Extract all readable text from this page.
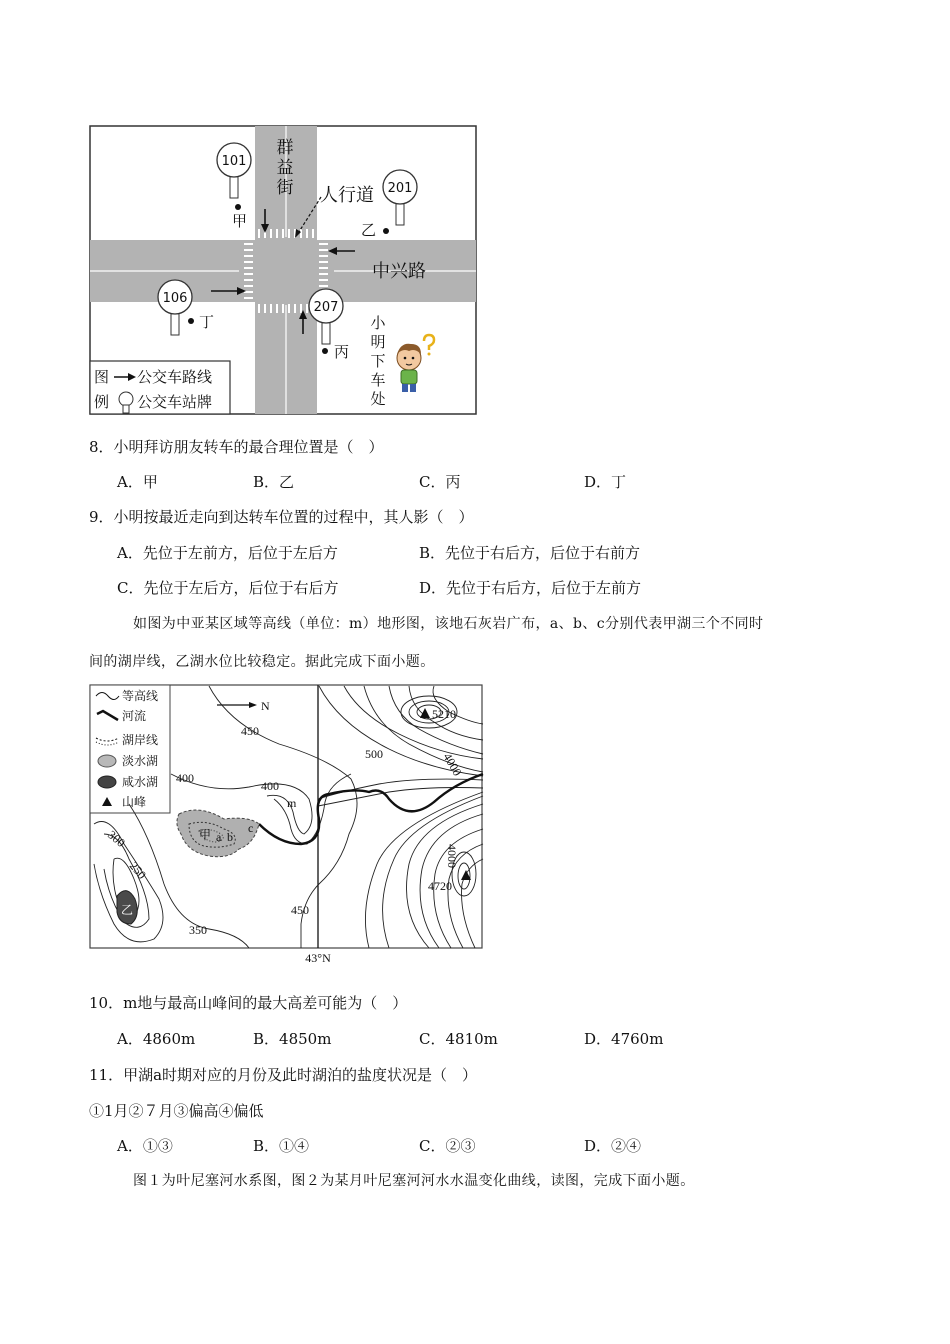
群
益
街
中兴路
人行道
101
甲
201
乙
207
丙
106
丁	小
明
下
车
处
图
例
公交车路线
公交车站牌
8．小明拜访朋友转车的最合理位置是（　）
A．甲	B．乙	C．丙	D．丁
9．小明按最近走向到达转车位置的过程中，其人影（　）
A．先位于左前方，后位于左后方	B．先位于右后方，后位于右前方
C．先位于左后方，后位于右后方	D．先位于右后方，后位于左前方
如图为中亚某区域等高线（单位：m）地形图，该地石灰岩广布，a、b、c分别代表甲湖三个不同时
间的湖岸线，乙湖水位比较稳定。据此完成下面小题。
等高线
河流
湖岸线
淡水湖
咸水湖
山峰
N
43°N
甲 a b
c
乙
5210
4720
450
500	4000
400
400
300
250
450
350
4000
m
10．m地与最高山峰间的最大高差可能为（　）
A．4860m	B．4850m	C．4810m	D．4760m
11．甲湖a时期对应的月份及此时湖泊的盐度状况是（　）
①1月②７月③偏高④偏低
A．①③	B．①④	C．②③	D．②④
图１为叶尼塞河水系图，图２为某月叶尼塞河河水水温变化曲线，读图，完成下面小题。
